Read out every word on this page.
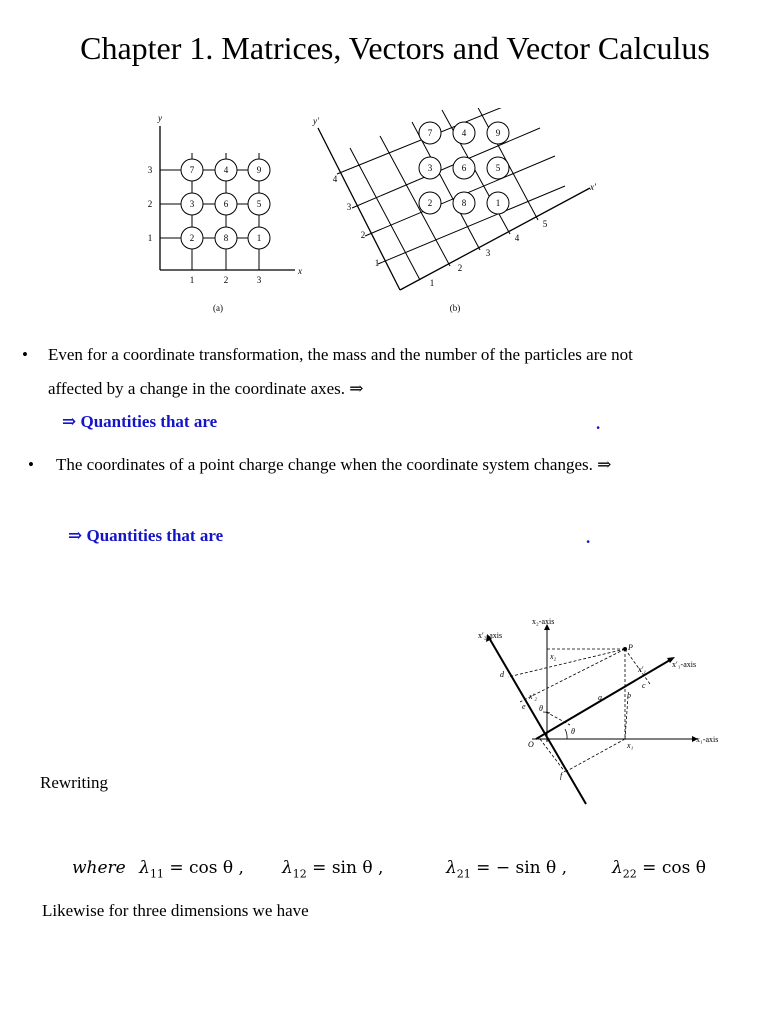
Chapter 1. Matrices, Vectors and Vector Calculus
7	4	9
3	6	5
2	8	1
1	2	3
1
2
3
x
y
(a)
7	4	9
3	6	5
2	8	1
1
2
3
4
5
1
2
3
4
x'
y'
(b)
• Even for a coordinate transformation, the mass and the number of the particles are not
affected by a change in the coordinate axes. ⇒
⇒ Quantities that are	.
• The coordinates of a point charge change when the coordinate system changes. ⇒
⇒ Quantities that are	.
x₂-axis
x′₂-axis
x′₁-axis
x₁-axis
P
O
d
e
f
a	b
c
θ
θ
x₁
x₂
x′₁
x′₂
Rewriting
where $\lambda_{11} = \cos \theta$ , $\lambda_{12} = \sin \theta$ ,	$\lambda_{21}$ = − sin θ ,	$\lambda_{22} = \cos \theta$
Likewise for three dimensions we have
